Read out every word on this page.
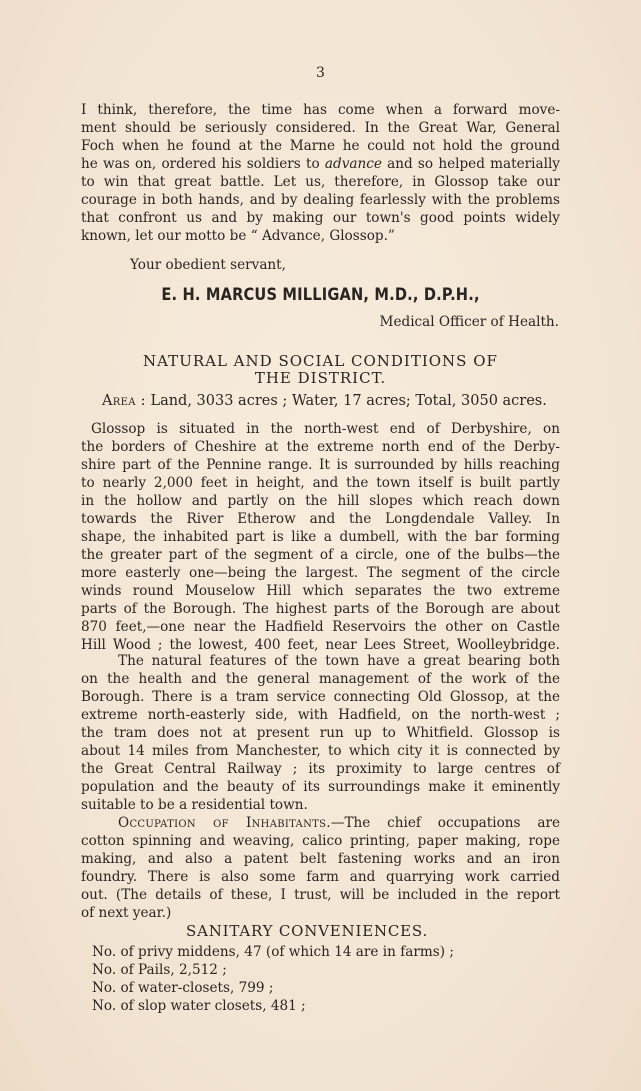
3
I think, therefore, the time has come when a forward move-
ment should be seriously considered. In the Great War, General
Foch when he found at the Marne he could not hold the ground
he was on, ordered his soldiers to advance and so helped materially
to win that great battle. Let us, therefore, in Glossop take our
courage in both hands, and by dealing fearlessly with the problems
that confront us and by making our town's good points widely
known, let our motto be “ Advance, Glossop.”
Your obedient servant,
E. H. MARCUS MILLIGAN, M.D., D.P.H.,
Medical Officer of Health.
NATURAL AND SOCIAL CONDITIONS OF
THE DISTRICT.
Area : Land, 3033 acres ; Water, 17 acres; Total, 3050 acres.
Glossop is situated in the north-west end of Derbyshire, on
the borders of Cheshire at the extreme north end of the Derby-
shire part of the Pennine range. It is surrounded by hills reaching
to nearly 2,000 feet in height, and the town itself is built partly
in the hollow and partly on the hill slopes which reach down
towards the River Etherow and the Longdendale Valley. In
shape, the inhabited part is like a dumbell, with the bar forming
the greater part of the segment of a circle, one of the bulbs—the
more easterly one—being the largest. The segment of the circle
winds round Mouselow Hill which separates the two extreme
parts of the Borough. The highest parts of the Borough are about
870 feet,—one near the Hadfield Reservoirs the other on Castle
Hill Wood ; the lowest, 400 feet, near Lees Street, Woolleybridge.
The natural features of the town have a great bearing both
on the health and the general management of the work of the
Borough. There is a tram service connecting Old Glossop, at the
extreme north-easterly side, with Hadfield, on the north-west ;
the tram does not at present run up to Whitfield. Glossop is
about 14 miles from Manchester, to which city it is connected by
the Great Central Railway ; its proximity to large centres of
population and the beauty of its surroundings make it eminently
suitable to be a residential town.
Occupation of Inhabitants.—The chief occupations are
cotton spinning and weaving, calico printing, paper making, rope
making, and also a patent belt fastening works and an iron
foundry. There is also some farm and quarrying work carried
out. (The details of these, I trust, will be included in the report
of next year.)
SANITARY CONVENIENCES.
No. of privy middens, 47 (of which 14 are in farms) ;
No. of Pails, 2,512 ;
No. of water-closets, 799 ;
No. of slop water closets, 481 ;
